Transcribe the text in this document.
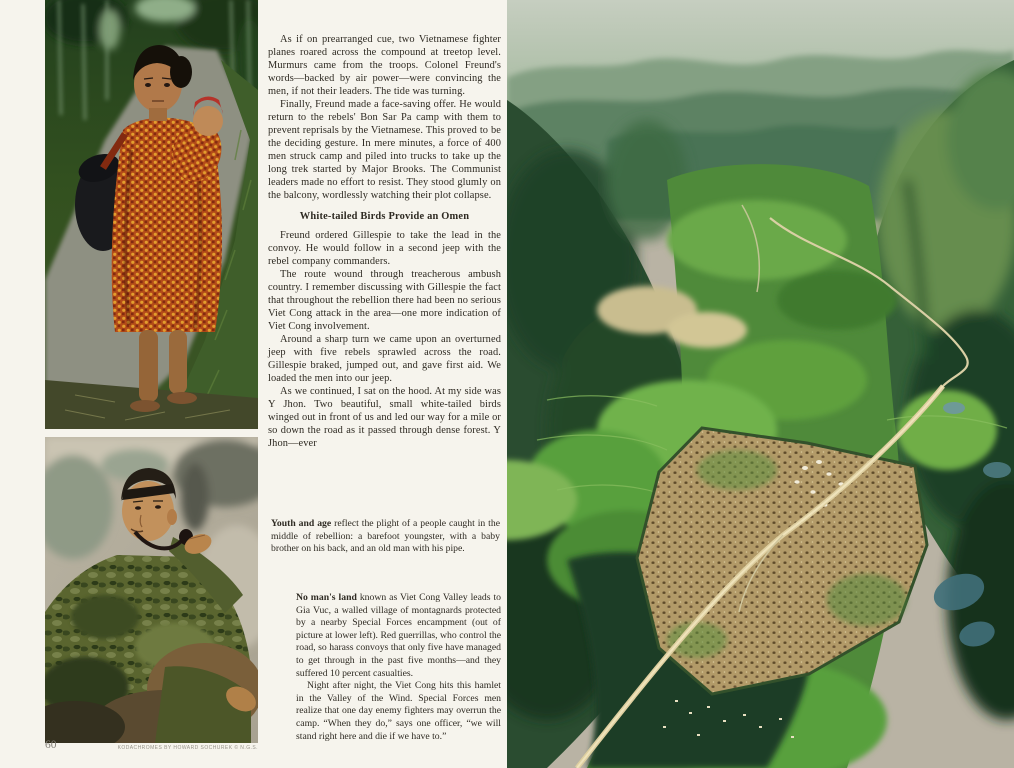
60	KODACHROMES BY HOWARD SOCHUREK © N.G.S.

As if on prearranged cue, two Vietnamese fighter planes roared across the compound at treetop level. Murmurs came from the troops. Colonel Freund's words—backed by air power—were convincing the men, if not their leaders. The tide was turning.

Finally, Freund made a face-saving offer. He would return to the rebels' Bon Sar Pa camp with them to prevent reprisals by the Vietnamese. This proved to be the deciding gesture. In mere minutes, a force of 400 men struck camp and piled into trucks to take up the long trek started by Major Brooks. The Communist leaders made no effort to resist. They stood glumly on the balcony, wordlessly watching their plot collapse.

White-tailed Birds Provide an Omen

Freund ordered Gillespie to take the lead in the convoy. He would follow in a second jeep with the rebel company commanders.

The route wound through treacherous ambush country. I remember discussing with Gillespie the fact that throughout the rebellion there had been no serious Viet Cong attack in the area—one more indication of Viet Cong involvement.

Around a sharp turn we came upon an overturned jeep with five rebels sprawled across the road. Gillespie braked, jumped out, and gave first aid. We loaded the men into our jeep.

As we continued, I sat on the hood. At my side was Y Jhon. Two beautiful, small white-tailed birds winged out in front of us and led our way for a mile or so down the road as it passed through dense forest. Y Jhon—ever

Youth and age reflect the plight of a people caught in the middle of rebellion: a barefoot youngster, with a baby brother on his back, and an old man with his pipe.

No man's land known as Viet Cong Valley leads to Gia Vuc, a walled village of montagnards protected by a nearby Special Forces encampment (out of picture at lower left). Red guerrillas, who control the road, so harass convoys that only five have managed to get through in the past five months—and they suffered 10 percent casualties.

Night after night, the Viet Cong hits this hamlet in the Valley of the Wind. Special Forces men realize that one day enemy fighters may overrun the camp. “When they do,” says one officer, “we will stand right here and die if we have to.”
